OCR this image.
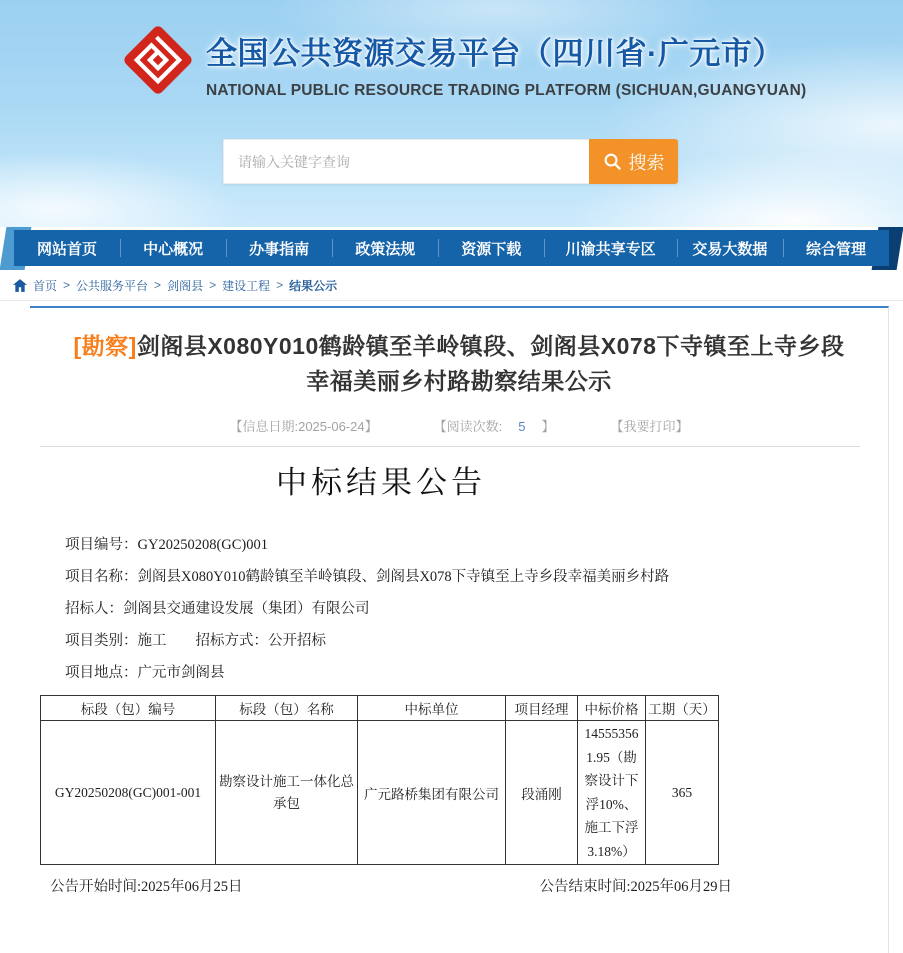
全国公共资源交易平台（四川省·广元市）
NATIONAL PUBLIC RESOURCE TRADING PLATFORM (SICHUAN,GUANGYUAN)
请输入关键字查询
搜索
网站首页	中心概况	办事指南	政策法规	资源下载	川渝共享专区	交易大数据	综合管理
首页 > 公共服务平台 > 剑阁县 > 建设工程 > 结果公示
[勘察]剑阁县X080Y010鹤龄镇至羊岭镇段、剑阁县X078下寺镇至上寺乡段幸福美丽乡村路勘察结果公示
【信息日期:2025-06-24】	【阅读次数: 5 】	【我要打印】
中标结果公告
项目编号：GY20250208(GC)001
项目名称：剑阁县X080Y010鹤龄镇至羊岭镇段、剑阁县X078下寺镇至上寺乡段幸福美丽乡村路
招标人：剑阁县交通建设发展（集团）有限公司
项目类别：施工　　招标方式：公开招标
项目地点：广元市剑阁县
标段（包）编号	标段（包）名称	中标单位	项目经理	中标价格	工期（天）
GY20250208(GC)001-001	勘察设计施工一体化总承包	广元路桥集团有限公司	段涌刚	145553561.95（勘察设计下浮10%、施工下浮3.18%）	365
公告开始时间:2025年06月25日	公告结束时间:2025年06月29日
